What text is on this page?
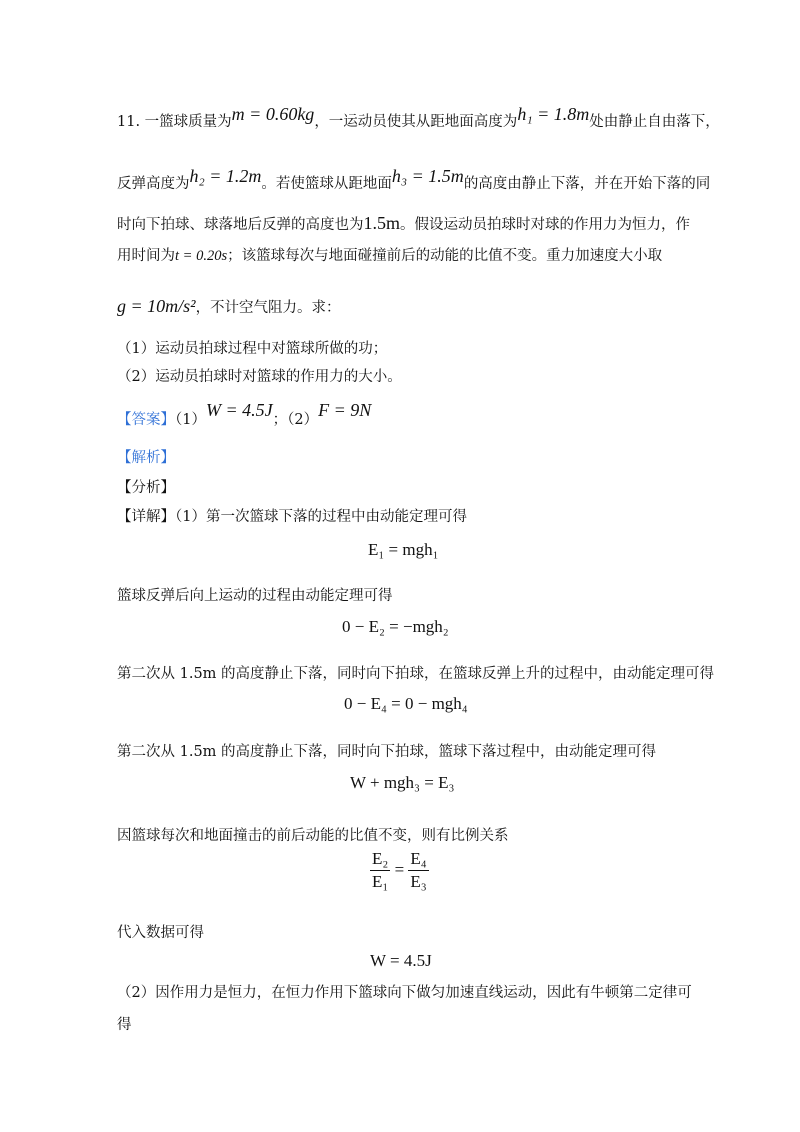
11. 一篮球质量为m = 0.60kg，一运动员使其从距地面高度为h₁ = 1.8m处由静止自由落下，
反弹高度为h₂ = 1.2m。若使篮球从距地面h₃ = 1.5m的高度由静止下落，并在开始下落的同
时向下拍球、球落地后反弹的高度也为1.5m。假设运动员拍球时对球的作用力为恒力，作
用时间为t = 0.20s；该篮球每次与地面碰撞前后的动能的比值不变。重力加速度大小取
g = 10m/s²，不计空气阻力。求：
（1）运动员拍球过程中对篮球所做的功；
（2）运动员拍球时对篮球的作用力的大小。
【答案】（1）W = 4.5J；（2）F = 9N
【解析】
【分析】
【详解】（1）第一次篮球下落的过程中由动能定理可得
E₁ = mgh₁
篮球反弹后向上运动的过程由动能定理可得
0 − E₂ = −mgh₂
第二次从 1.5m 的高度静止下落，同时向下拍球，在篮球反弹上升的过程中，由动能定理可得
0 − E₄ = 0 − mgh₄
第二次从 1.5m 的高度静止下落，同时向下拍球，篮球下落过程中，由动能定理可得
W + mgh₃ = E₃
因篮球每次和地面撞击的前后动能的比值不变，则有比例关系
$\frac{\text{E₂}}{\text{E₁}} = \frac{\text{E₄}}{\text{E₃}}$
代入数据可得
W = 4.5J
（2）因作用力是恒力，在恒力作用下篮球向下做匀加速直线运动，因此有牛顿第二定律可
得
